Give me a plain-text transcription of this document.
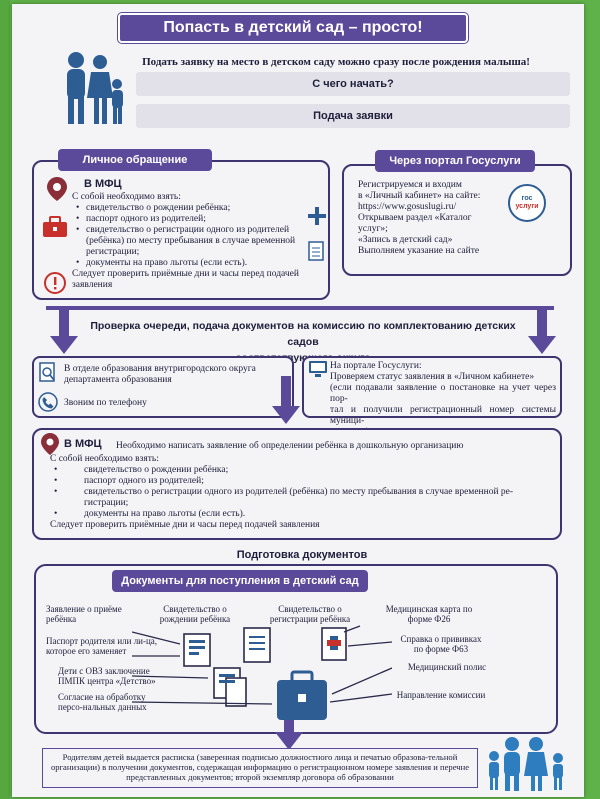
Попасть в детский сад – просто!
Подать заявку на место в детском саду можно сразу после рождения малыша!
С чего начать?
Подача заявки
Личное обращение
В МФЦ
С собой необходимо взять:
• свидетельство о рождении ребёнка;
• паспорт одного из родителей;
• свидетельство о регистрации одного из родителей (ребёнка) по месту пребывания в случае временной регистрации;
• документы на право льготы (если есть).
Следует проверить приёмные дни и часы перед подачей заявления
Через портал Госуслуги
Регистрируемся и входим
в «Личный кабинет» на сайте:
https://www.gosuslugi.ru/
Открываем раздел «Каталог
услуг»;
«Запись в детский сад»
Выполняем указание на сайте
гос
услуги
Проверка очереди, подача документов на комиссию по комплектованию детских садов
В отделе образования внутригородского округа департамента образования
Звоним по телефону
На портале Госуслуги:
Проверяем статус заявления в «Личном кабинете»
(если подавали заявление о постановке на учет через пор-
тал и получили регистрационный номер системы муници-
В МФЦ Необходимо написать заявление об определении ребёнка в дошкольную организацию
С собой необходимо взять:
• свидетельство о рождении ребёнка;
• паспорт одного из родителей;
• свидетельство о регистрации одного из родителей (ребёнка) по месту пребывания в случае временной ре-гистрации;
• документы на право льготы (если есть).
Следует проверить приёмные дни и часы перед подачей заявления
Подготовка документов
Документы для поступления в детский сад
Заявление о приёме ребёнка
Паспорт родителя или ли-ца, которое его заменяет
Дети с ОВЗ заключение ПМПК центра «Детство»
Согласие на обработку персо-нальных данных
Свидетельство о рождении ребёнка
Свидетельство о регистрации ребёнка
Медицинская карта по форме Ф26
Справка о прививках по форме Ф63
Медицинский полис
Направление комиссии
Родителям детей выдается расписка (заверенная подписью должностного лица и печатью образова-тельной организации) в получении документов, содержащая информацию о регистрационном номере заявления и перечне представленных документов; второй экземпляр договора об образовании
